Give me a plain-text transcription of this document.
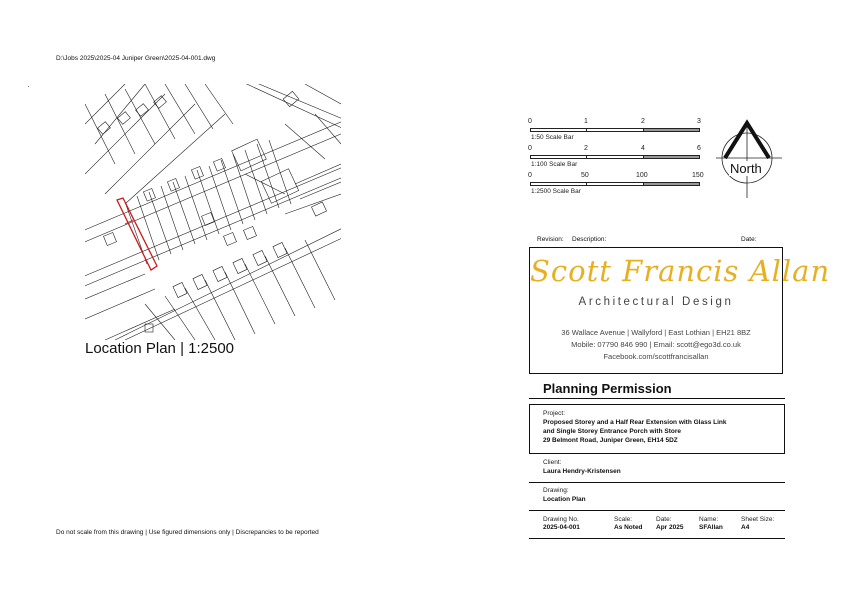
D:\Jobs 2025\2025-04 Juniper Green\2025-04-001.dwg
Location Plan | 1:2500
Do not scale from this drawing | Use figured dimensions only | Discrepancies to be reported
0	1	2	3
1:50 Scale Bar
0	2	4	6
1:100 Scale Bar
0	50	100	150
1:2500 Scale Bar
North
Revision: Description:	Date:
Scott Francis Allan
Architectural Design
36 Wallace Avenue | Wallyford | East Lothian | EH21 8BZ
Mobile: 07790 846 990 | Email: scott@ego3d.co.uk
Facebook.com/scottfrancisallan
Planning Permission
Project:
Proposed Storey and a Half Rear Extension with Glass Link
and Single Storey Entrance Porch with Store
29 Belmont Road, Juniper Green, EH14 5DZ
Client:
Laura Hendry-Kristensen
Drawing:
Location Plan
Drawing No.
2025-04-001
Scale:
As Noted
Date:
Apr 2025
Name:
SFAllan
Sheet Size:
A4
